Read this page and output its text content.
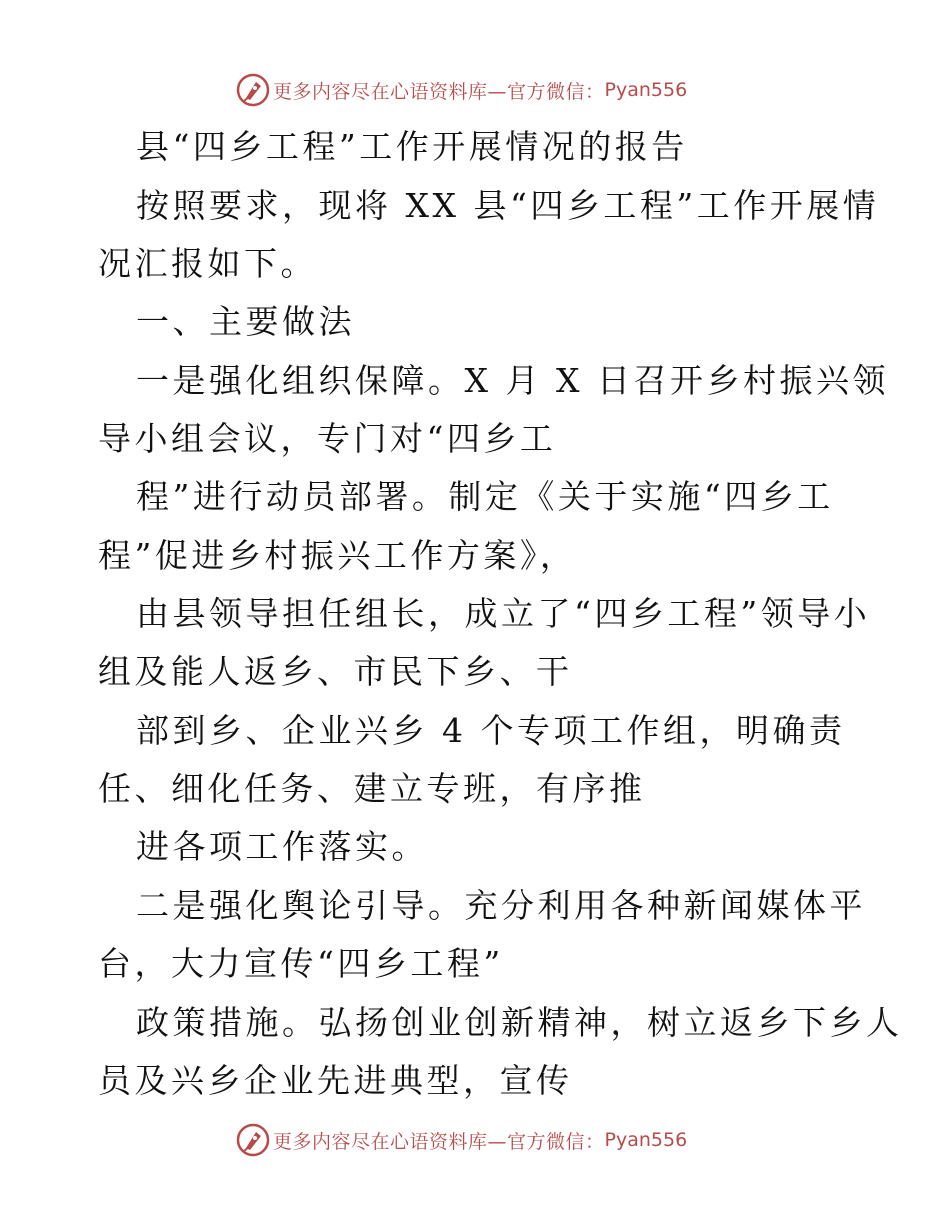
更多内容尽在心语资料库—官方微信： Pyan556
县“四乡工程”工作开展情况的报告
按照要求，现将 XX 县“四乡工程”工作开展情
况汇报如下。
一、主要做法
一是强化组织保障。X 月 X 日召开乡村振兴领
导小组会议，专门对“四乡工
程”进行动员部署。制定《关于实施“四乡工
程”促进乡村振兴工作方案》，
由县领导担任组长，成立了“四乡工程”领导小
组及能人返乡、市民下乡、干
部到乡、企业兴乡 4 个专项工作组，明确责
任、细化任务、建立专班，有序推
进各项工作落实。
二是强化舆论引导。充分利用各种新闻媒体平
台，大力宣传“四乡工程”
政策措施。弘扬创业创新精神，树立返乡下乡人
员及兴乡企业先进典型，宣传
更多内容尽在心语资料库—官方微信： Pyan556
